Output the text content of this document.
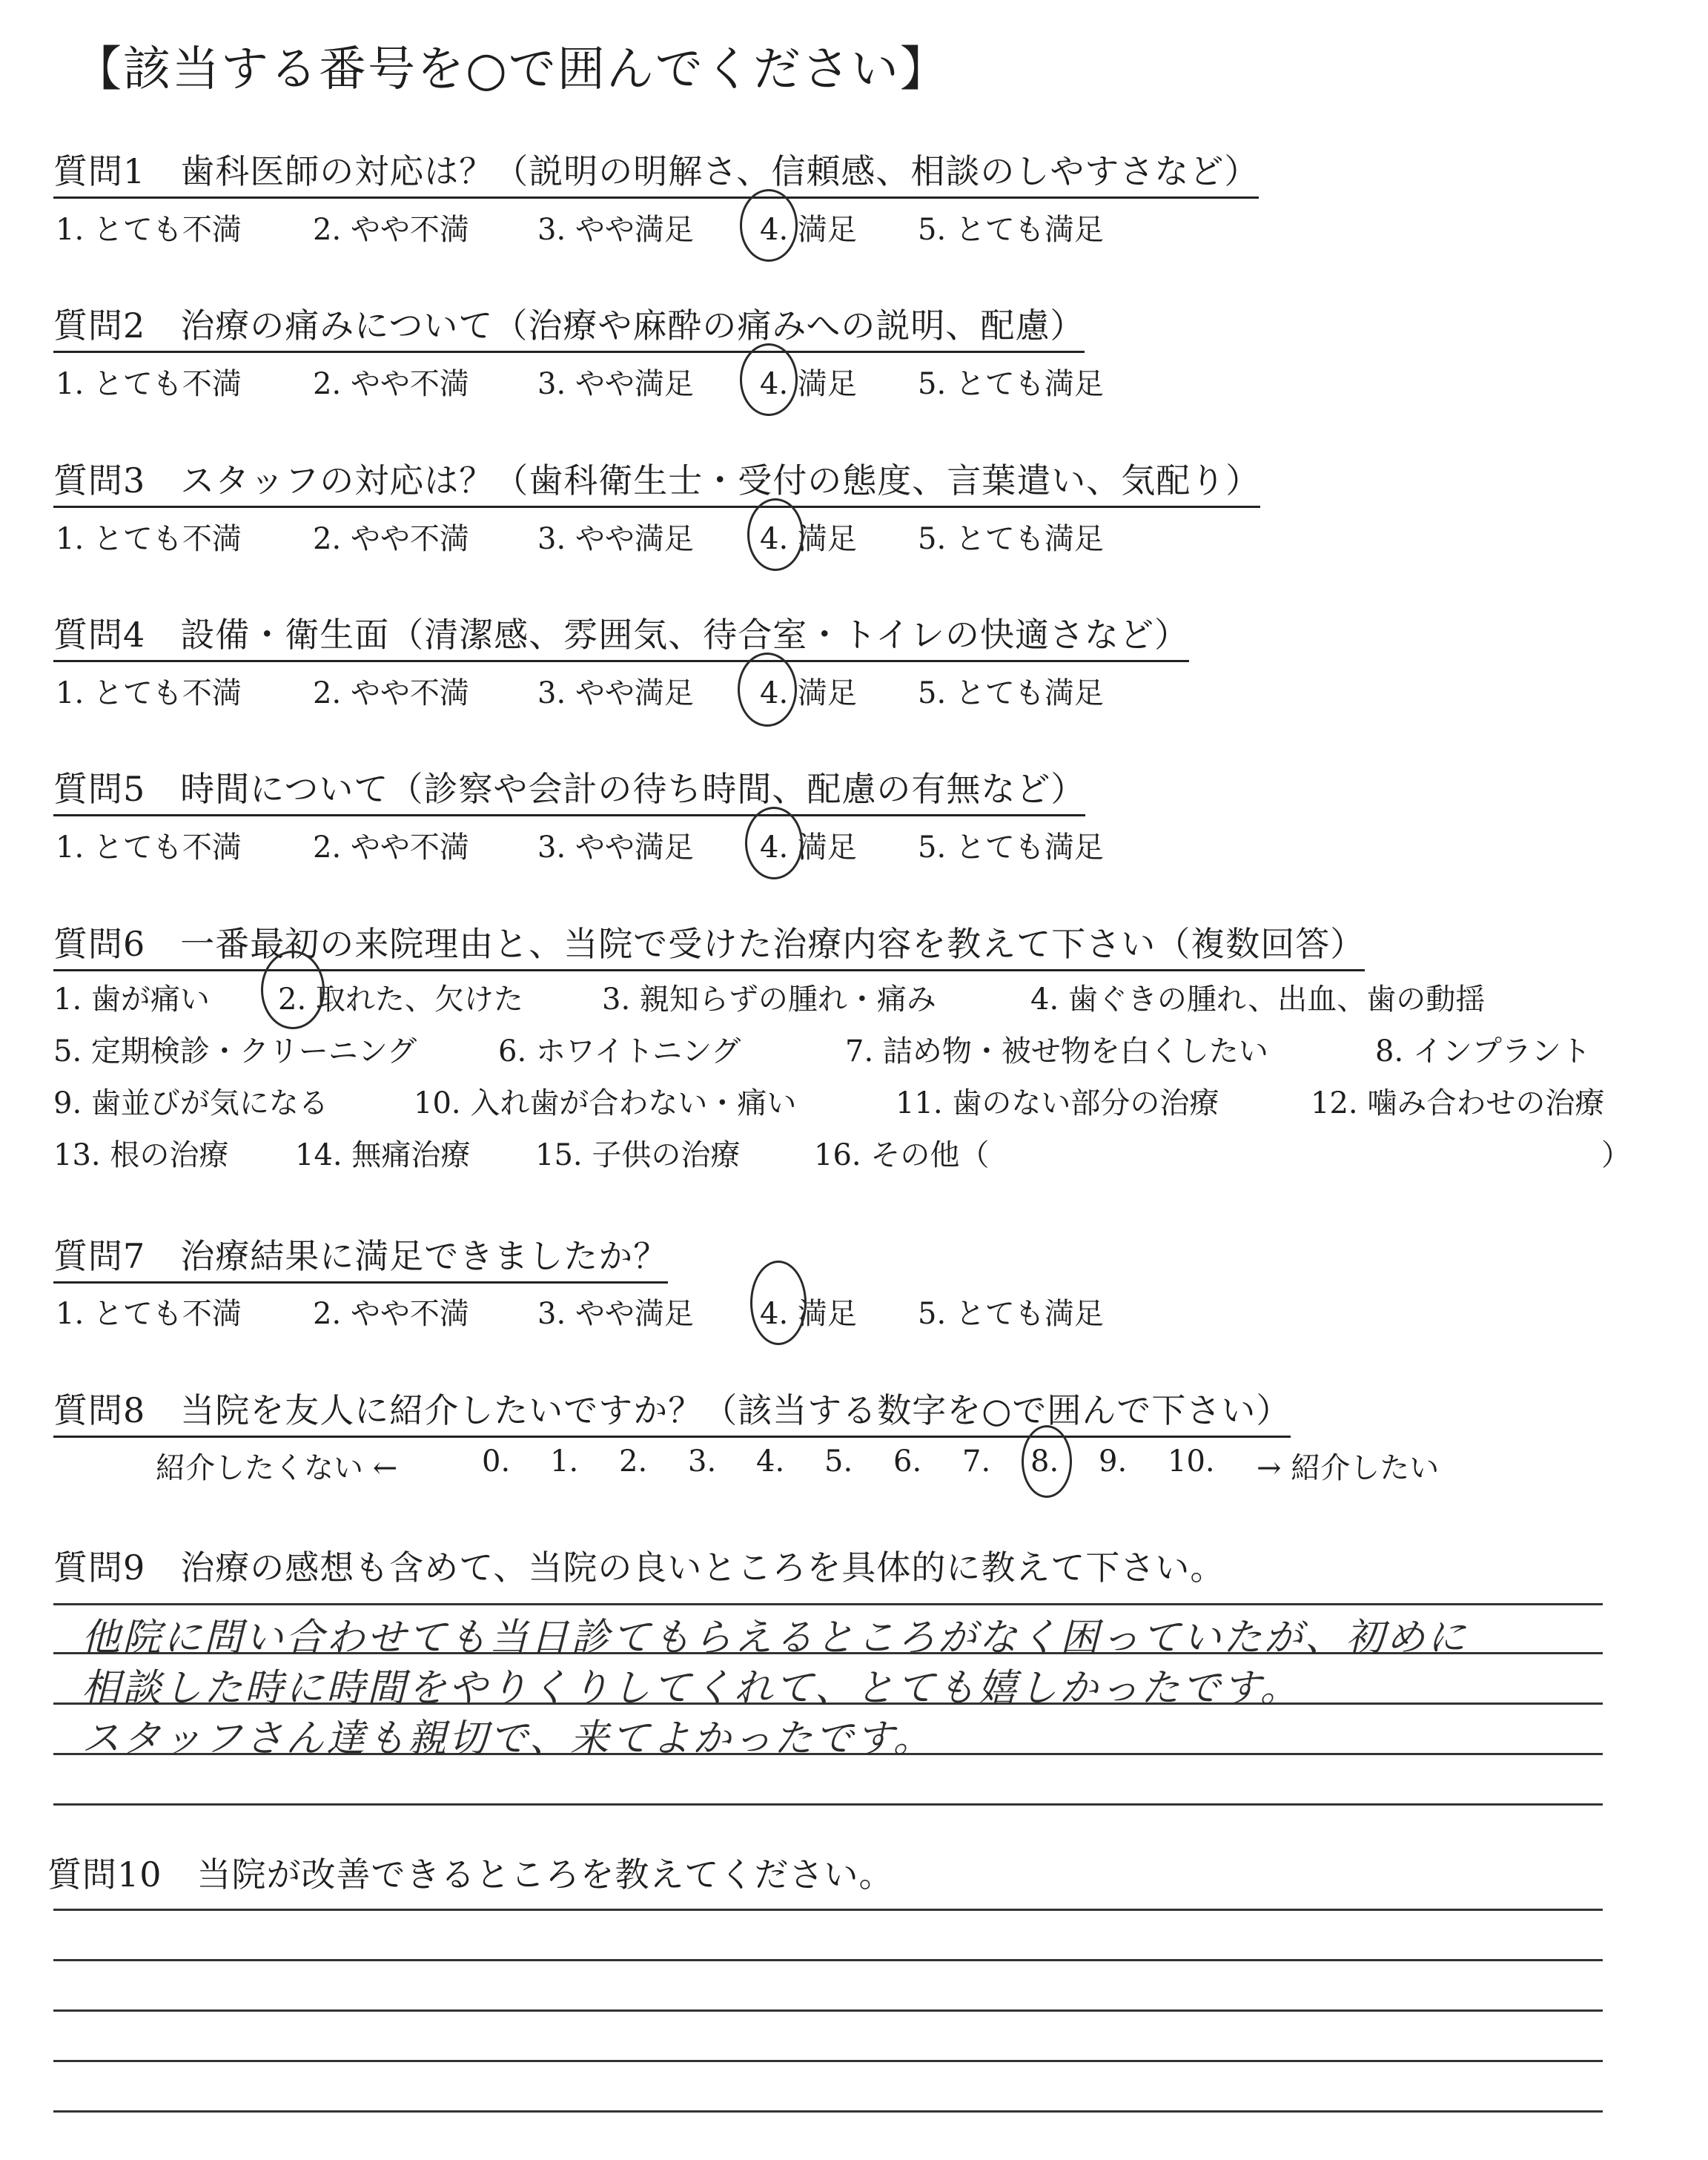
【該当する番号を○で囲んでください】
質問1　歯科医師の対応は？（説明の明解さ、信頼感、相談のしやすさなど）
1. とても不満 2. やや不満 3. やや満足 4. 満足 5. とても満足
質問2　治療の痛みについて（治療や麻酔の痛みへの説明、配慮）
1. とても不満 2. やや不満 3. やや満足 4. 満足 5. とても満足
質問3　スタッフの対応は？（歯科衛生士・受付の態度、言葉遣い、気配り）
1. とても不満 2. やや不満 3. やや満足 4. 満足 5. とても満足
質問4　設備・衛生面（清潔感、雰囲気、待合室・トイレの快適さなど）
1. とても不満 2. やや不満 3. やや満足 4. 満足 5. とても満足
質問5　時間について（診察や会計の待ち時間、配慮の有無など）
1. とても不満 2. やや不満 3. やや満足 4. 満足 5. とても満足
質問6　一番最初の来院理由と、当院で受けた治療内容を教えて下さい（複数回答）
1. 歯が痛い 2. 取れた、欠けた	3. 親知らずの腫れ・痛み	4. 歯ぐきの腫れ、出血、歯の動揺
5. 定期検診・クリーニング	6. ホワイトニング	7. 詰め物・被せ物を白くしたい	8. インプラント
9. 歯並びが気になる	10. 入れ歯が合わない・痛い	11. 歯のない部分の治療	12. 噛み合わせの治療
13. 根の治療 14. 無痛治療 15. 子供の治療 16. その他（	）
質問7　治療結果に満足できましたか？
1. とても不満 2. やや不満 3. やや満足 4. 満足 5. とても満足
質問8　当院を友人に紹介したいですか？（該当する数字を○で囲んで下さい）
紹介したくない ←	0. 1. 2. 3. 4. 5. 6. 7. 8. 9. 10. → 紹介したい
質問9　治療の感想も含めて、当院の良いところを具体的に教えて下さい。
他院に問い合わせても当日診てもらえるところがなく困っていたが、初めに
相談した時に時間をやりくりしてくれて、とても嬉しかったです。
スタッフさん達も親切で、来てよかったです。
質問10　当院が改善できるところを教えてください。
